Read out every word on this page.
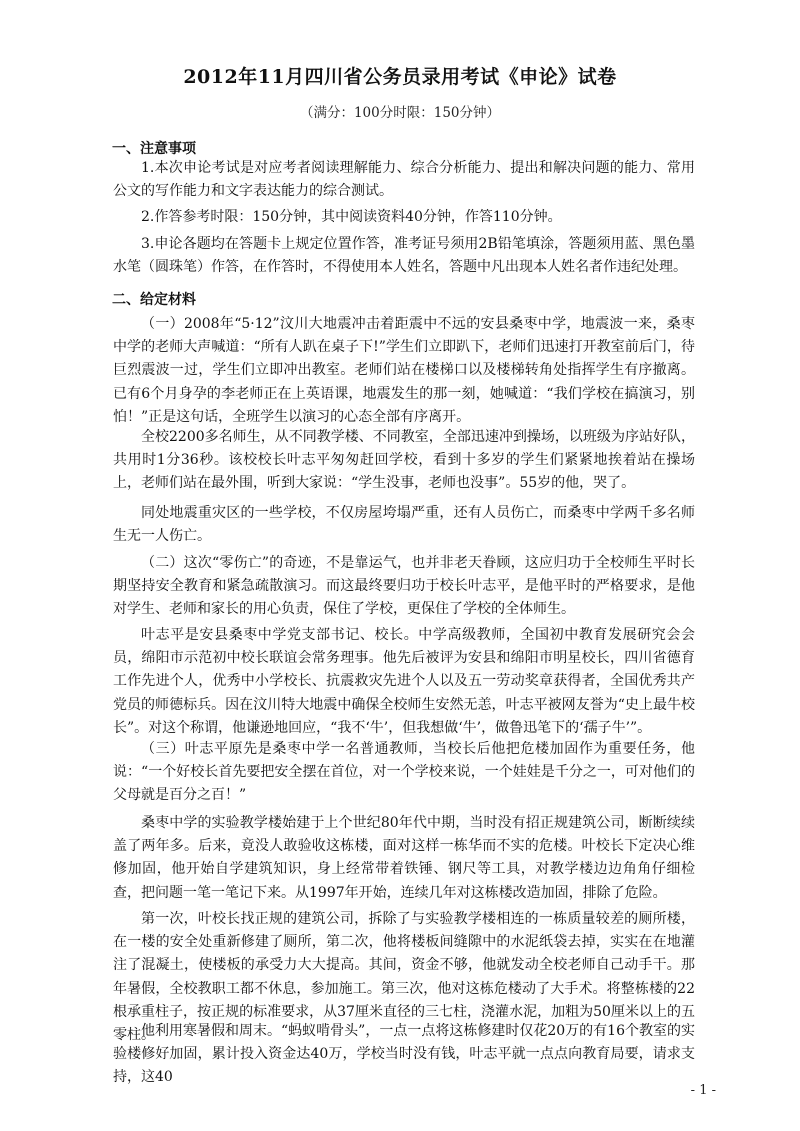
2012年11月四川省公务员录用考试《申论》试卷
（满分：100分时限：150分钟）
一、注意事项

1.本次申论考试是对应考者阅读理解能力、综合分析能力、提出和解决问题的能力、常用公文的写作能力和文字表达能力的综合测试。

2.作答参考时限：150分钟，其中阅读资料40分钟，作答110分钟。

3.申论各题均在答题卡上规定位置作答，准考证号须用2B铅笔填涂，答题须用蓝、黑色墨水笔（圆珠笔）作答，在作答时，不得使用本人姓名，答题中凡出现本人姓名者作违纪处理。

二、给定材料

（一）2008年“5·12”汶川大地震冲击着距震中不远的安县桑枣中学，地震波一来，桑枣中学的老师大声喊道：“所有人趴在桌子下!”学生们立即趴下，老师们迅速打开教室前后门，待巨烈震波一过，学生们立即冲出教室。老师们站在楼梯口以及楼梯转角处指挥学生有序撤离。已有6个月身孕的李老师正在上英语课，地震发生的那一刻，她喊道：“我们学校在搞演习，别怕！”正是这句话，全班学生以演习的心态全部有序离开。

全校2200多名师生，从不同教学楼、不同教室，全部迅速冲到操场，以班级为序站好队，共用时1分36秒。该校校长叶志平匆匆赶回学校，看到十多岁的学生们紧紧地挨着站在操场上，老师们站在最外围，听到大家说：“学生没事，老师也没事”。55岁的他，哭了。

同处地震重灾区的一些学校，不仅房屋垮塌严重，还有人员伤亡，而桑枣中学两千多名师生无一人伤亡。

（二）这次“零伤亡”的奇迹，不是靠运气，也并非老天眷顾，这应归功于全校师生平时长期坚持安全教育和紧急疏散演习。而这最终要归功于校长叶志平，是他平时的严格要求，是他对学生、老师和家长的用心负责，保住了学校，更保住了学校的全体师生。

叶志平是安县桑枣中学党支部书记、校长。中学高级教师，全国初中教育发展研究会会员，绵阳市示范初中校长联谊会常务理事。他先后被评为安县和绵阳市明星校长，四川省德育工作先进个人，优秀中小学校长、抗震救灾先进个人以及五一劳动奖章获得者，全国优秀共产党员的师德标兵。因在汶川特大地震中确保全校师生安然无恙，叶志平被网友誉为“史上最牛校长”。对这个称谓，他谦逊地回应，“我不‘牛’，但我想做‘牛’，做鲁迅笔下的‘孺子牛’”。

（三）叶志平原先是桑枣中学一名普通教师，当校长后他把危楼加固作为重要任务，他说：“一个好校长首先要把安全摆在首位，对一个学校来说，一个娃娃是千分之一，可对他们的父母就是百分之百！”

桑枣中学的实验教学楼始建于上个世纪80年代中期，当时没有招正规建筑公司，断断续续盖了两年多。后来，竟没人敢验收这栋楼，面对这样一栋华而不实的危楼。叶校长下定决心维修加固，他开始自学建筑知识，身上经常带着铁锤、钢尺等工具，对教学楼边边角角仔细检查，把问题一笔一笔记下来。从1997年开始，连续几年对这栋楼改造加固，排除了危险。

第一次，叶校长找正规的建筑公司，拆除了与实验教学楼相连的一栋质量较差的厕所楼，在一楼的安全处重新修建了厕所，第二次，他将楼板间缝隙中的水泥纸袋去掉，实实在在地灌注了混凝土，使楼板的承受力大大提高。其间，资金不够，他就发动全校老师自己动手干。那年暑假，全校教职工都不休息，参加施工。第三次，他对这栋危楼动了大手术。将整栋楼的22根承重柱子，按正规的标准要求，从37厘米直径的三七柱，浇灌水泥，加粗为50厘米以上的五零柱。

他利用寒暑假和周末。“蚂蚁啃骨头”，一点一点将这栋修建时仅花20万的有16个教室的实验楼修好加固，累计投入资金达40万，学校当时没有钱，叶志平就一点点向教育局要，请求支持，这40

- 1 -
